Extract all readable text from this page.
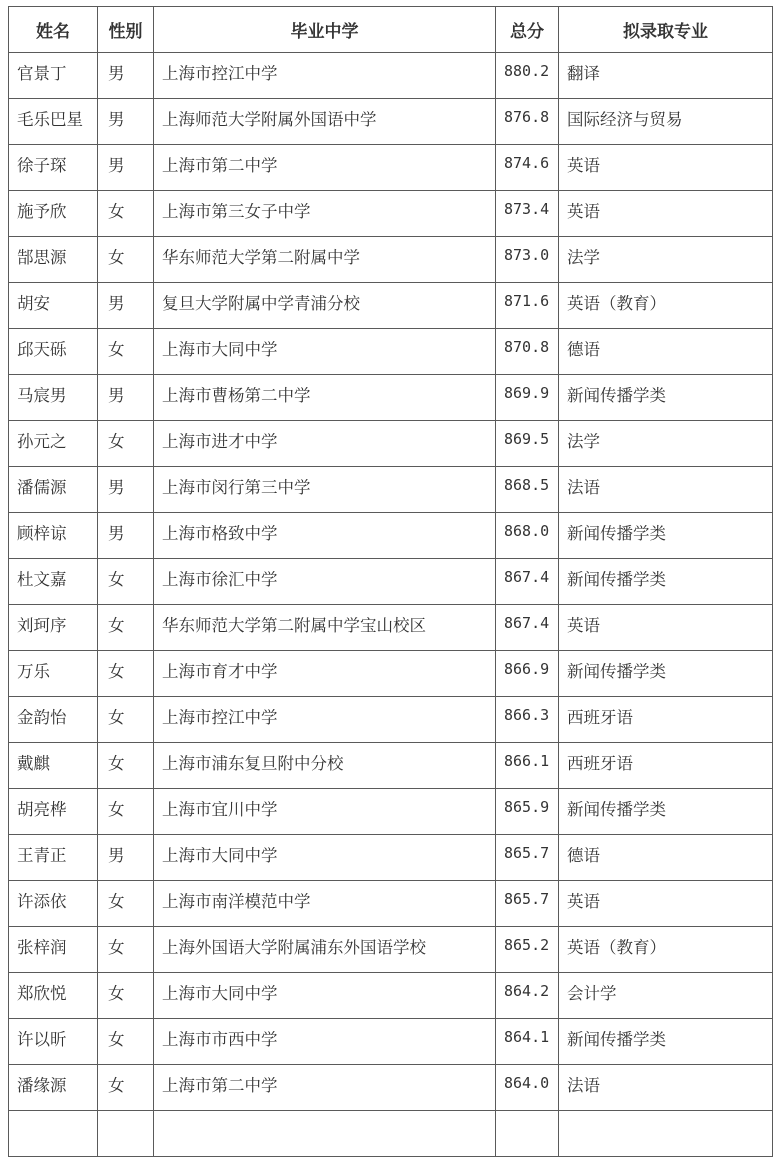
姓名	性别	毕业中学	总分	拟录取专业
官景丁	男	上海市控江中学	880.2	翻译
毛乐巴星	男	上海师范大学附属外国语中学	876.8	国际经济与贸易
徐子琛	男	上海市第二中学	874.6	英语
施予欣	女	上海市第三女子中学	873.4	英语
郜思源	女	华东师范大学第二附属中学	873.0	法学
胡安	男	复旦大学附属中学青浦分校	871.6	英语（教育）
邱天砾	女	上海市大同中学	870.8	德语
马宸男	男	上海市曹杨第二中学	869.9	新闻传播学类
孙元之	女	上海市进才中学	869.5	法学
潘儒源	男	上海市闵行第三中学	868.5	法语
顾梓谅	男	上海市格致中学	868.0	新闻传播学类
杜文嘉	女	上海市徐汇中学	867.4	新闻传播学类
刘珂序	女	华东师范大学第二附属中学宝山校区	867.4	英语
万乐	女	上海市育才中学	866.9	新闻传播学类
金韵怡	女	上海市控江中学	866.3	西班牙语
戴麒	女	上海市浦东复旦附中分校	866.1	西班牙语
胡亮桦	女	上海市宜川中学	865.9	新闻传播学类
王青正	男	上海市大同中学	865.7	德语
许添依	女	上海市南洋模范中学	865.7	英语
张梓润	女	上海外国语大学附属浦东外国语学校	865.2	英语（教育）
郑欣悦	女	上海市大同中学	864.2	会计学
许以昕	女	上海市市西中学	864.1	新闻传播学类
潘缘源	女	上海市第二中学	864.0	法语
